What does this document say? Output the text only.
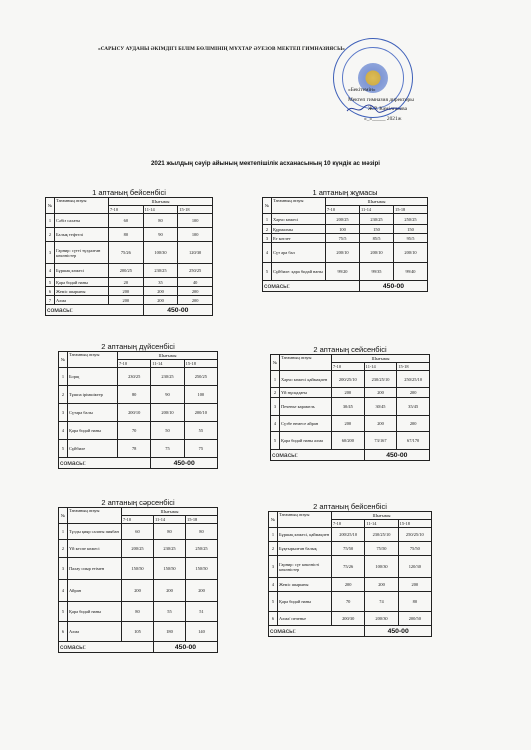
«САРЫСУ АУДАНЫ ӘКІМДІГІ БІЛІМ БӨЛІМІНІҢ МҰХТАР ӘУЕЗОВ МЕКТЕП ГИМНАЗИЯСЫ»
«Бекітемін»
Мектеп гимназия директоры
Ж.Р. Кәмілғазова
«_»_____ 2021ж
2021 жылдың сәуір айының мектепішілік асханасының 10 күндік ас мәзірі
1 аптаның бейсенбісі
№	Тағамның атауы	Шығымы		
		7-10	11-14	15-18
1	Сәбіз салаты	60	80	100
2	Балық тефтелі	80	90	100
3	Гарнир: сүтті тұздалған көкөністер	75/26	100/30	120/30
4	Бұршақ көжесі	200/25	230/25	250/25
5	Қара бидай наны	20	35	40
6	Жеміс шырыны	200	200	200
7	Алма	200	200	200
сомасы:			450-00	
1 аптаның жұмасы
№	Тағамның атауы	Шығымы		
		7-10	11-14	15-18
1	Харчо көжесі	200/25	230/25	250/25
2	Құрмалмы	100	150	150
3	Ет котлет	75/5	85/5	95/5
4	Сүт ара бал	200/10	200/10	200/10
5	Сұйбиле: қара бидай наны	99/20	99/35	99/40
сомасы:			450-00	
2 аптаның дүйсенбісі
№	Тағамның атауы	Шығымы		
		7-10	11-14	15-18
1	Борщ	230/25	230/25	250/25
2	Тұшпа ірімшіктер	80	90	100
3	Сүтара балы	200/10	200/10	200/10
4	Қара бидай наны	70	50	55
5	Сұйбиле	78	75	75
сомасы:			450-00	
2 аптаның сейсенбісі
№	Тағамның атауы	Шығымы		
		7-10	11-14	15-18
1	Харчо көжесі қаймақпен	200/25/10	230/25/10	250/25/10
2	Үй нұсқадағы	200	200	200
3	Печенье карамель	30/45	30/45	35/45
4	Сүзбе немесе айран	200	200	200
5	Қара бидай наны алма	60/200	73/167	67/170
сомасы:			450-00	
2 аптаның сәрсенбісі
№	Тағамның атауы	Шығымы		
		7-10	11-14	15-18
1	Тұзды қияр салаты пиябан	60	80	80
2	Үй кеспе көжесі	200/25	230/25	250/25
3	Палау сиыр етімен	150/50	150/50	150/50
4	Айран	200	200	200
5	Қара бидай наны	80	55	51
6	Алма	105	180	140
сомасы:			450-00	
2 аптаның бейсенбісі
№	Тағамның атауы	Шығымы		
		7-10	11-14	15-18
1	Бұршақ көжесі, қаймақпен	200/25/10	230/25/10	250/25/10
2	Бұқтырылған балық	75/50	75/50	75/50
3	Гарнир: сүт көкөністі көкөністер	75/26	100/30	120/30
4	Жеміс шырыны	200	200	200
5	Қара бидай наны	70	74	80
6	Алма/ печенье	200/30	200/30	200/50
сомасы:			450-00	
